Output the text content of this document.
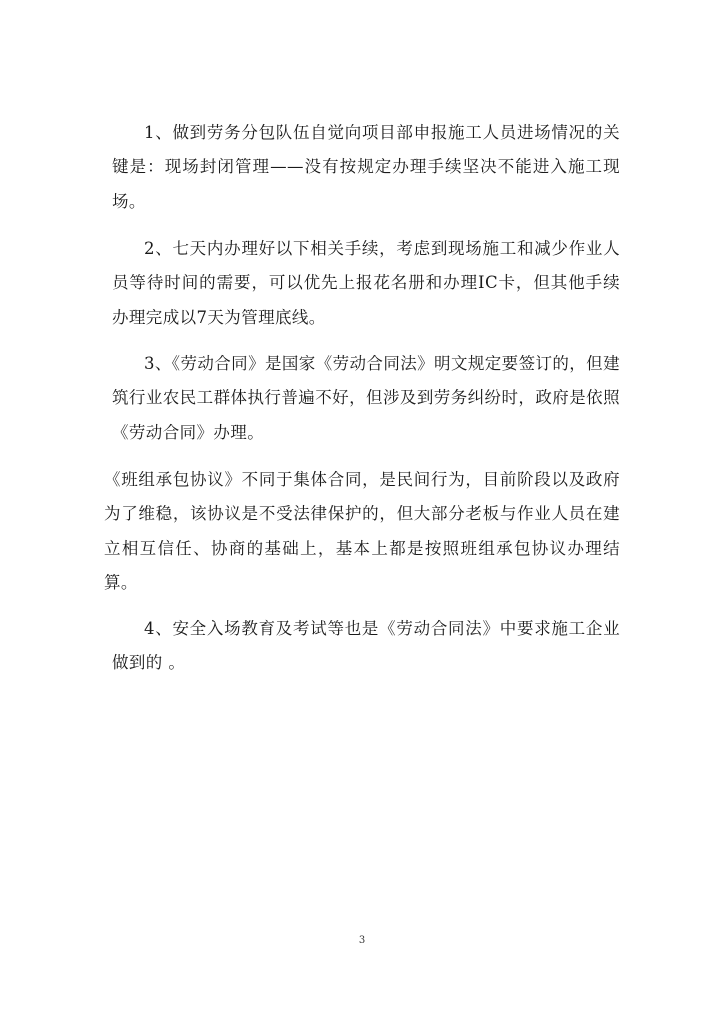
1、做到劳务分包队伍自觉向项目部申报施工人员进场情况的关键是：现场封闭管理——没有按规定办理手续坚决不能进入施工现场。

2、七天内办理好以下相关手续，考虑到现场施工和减少作业人员等待时间的需要，可以优先上报花名册和办理IC卡，但其他手续办理完成以7天为管理底线。

3、《劳动合同》是国家《劳动合同法》明文规定要签订的，但建筑行业农民工群体执行普遍不好，但涉及到劳务纠纷时，政府是依照《劳动合同》办理。

《班组承包协议》不同于集体合同，是民间行为，目前阶段以及政府为了维稳，该协议是不受法律保护的，但大部分老板与作业人员在建立相互信任、协商的基础上，基本上都是按照班组承包协议办理结算。

4、安全入场教育及考试等也是《劳动合同法》中要求施工企业做到的 。

3
